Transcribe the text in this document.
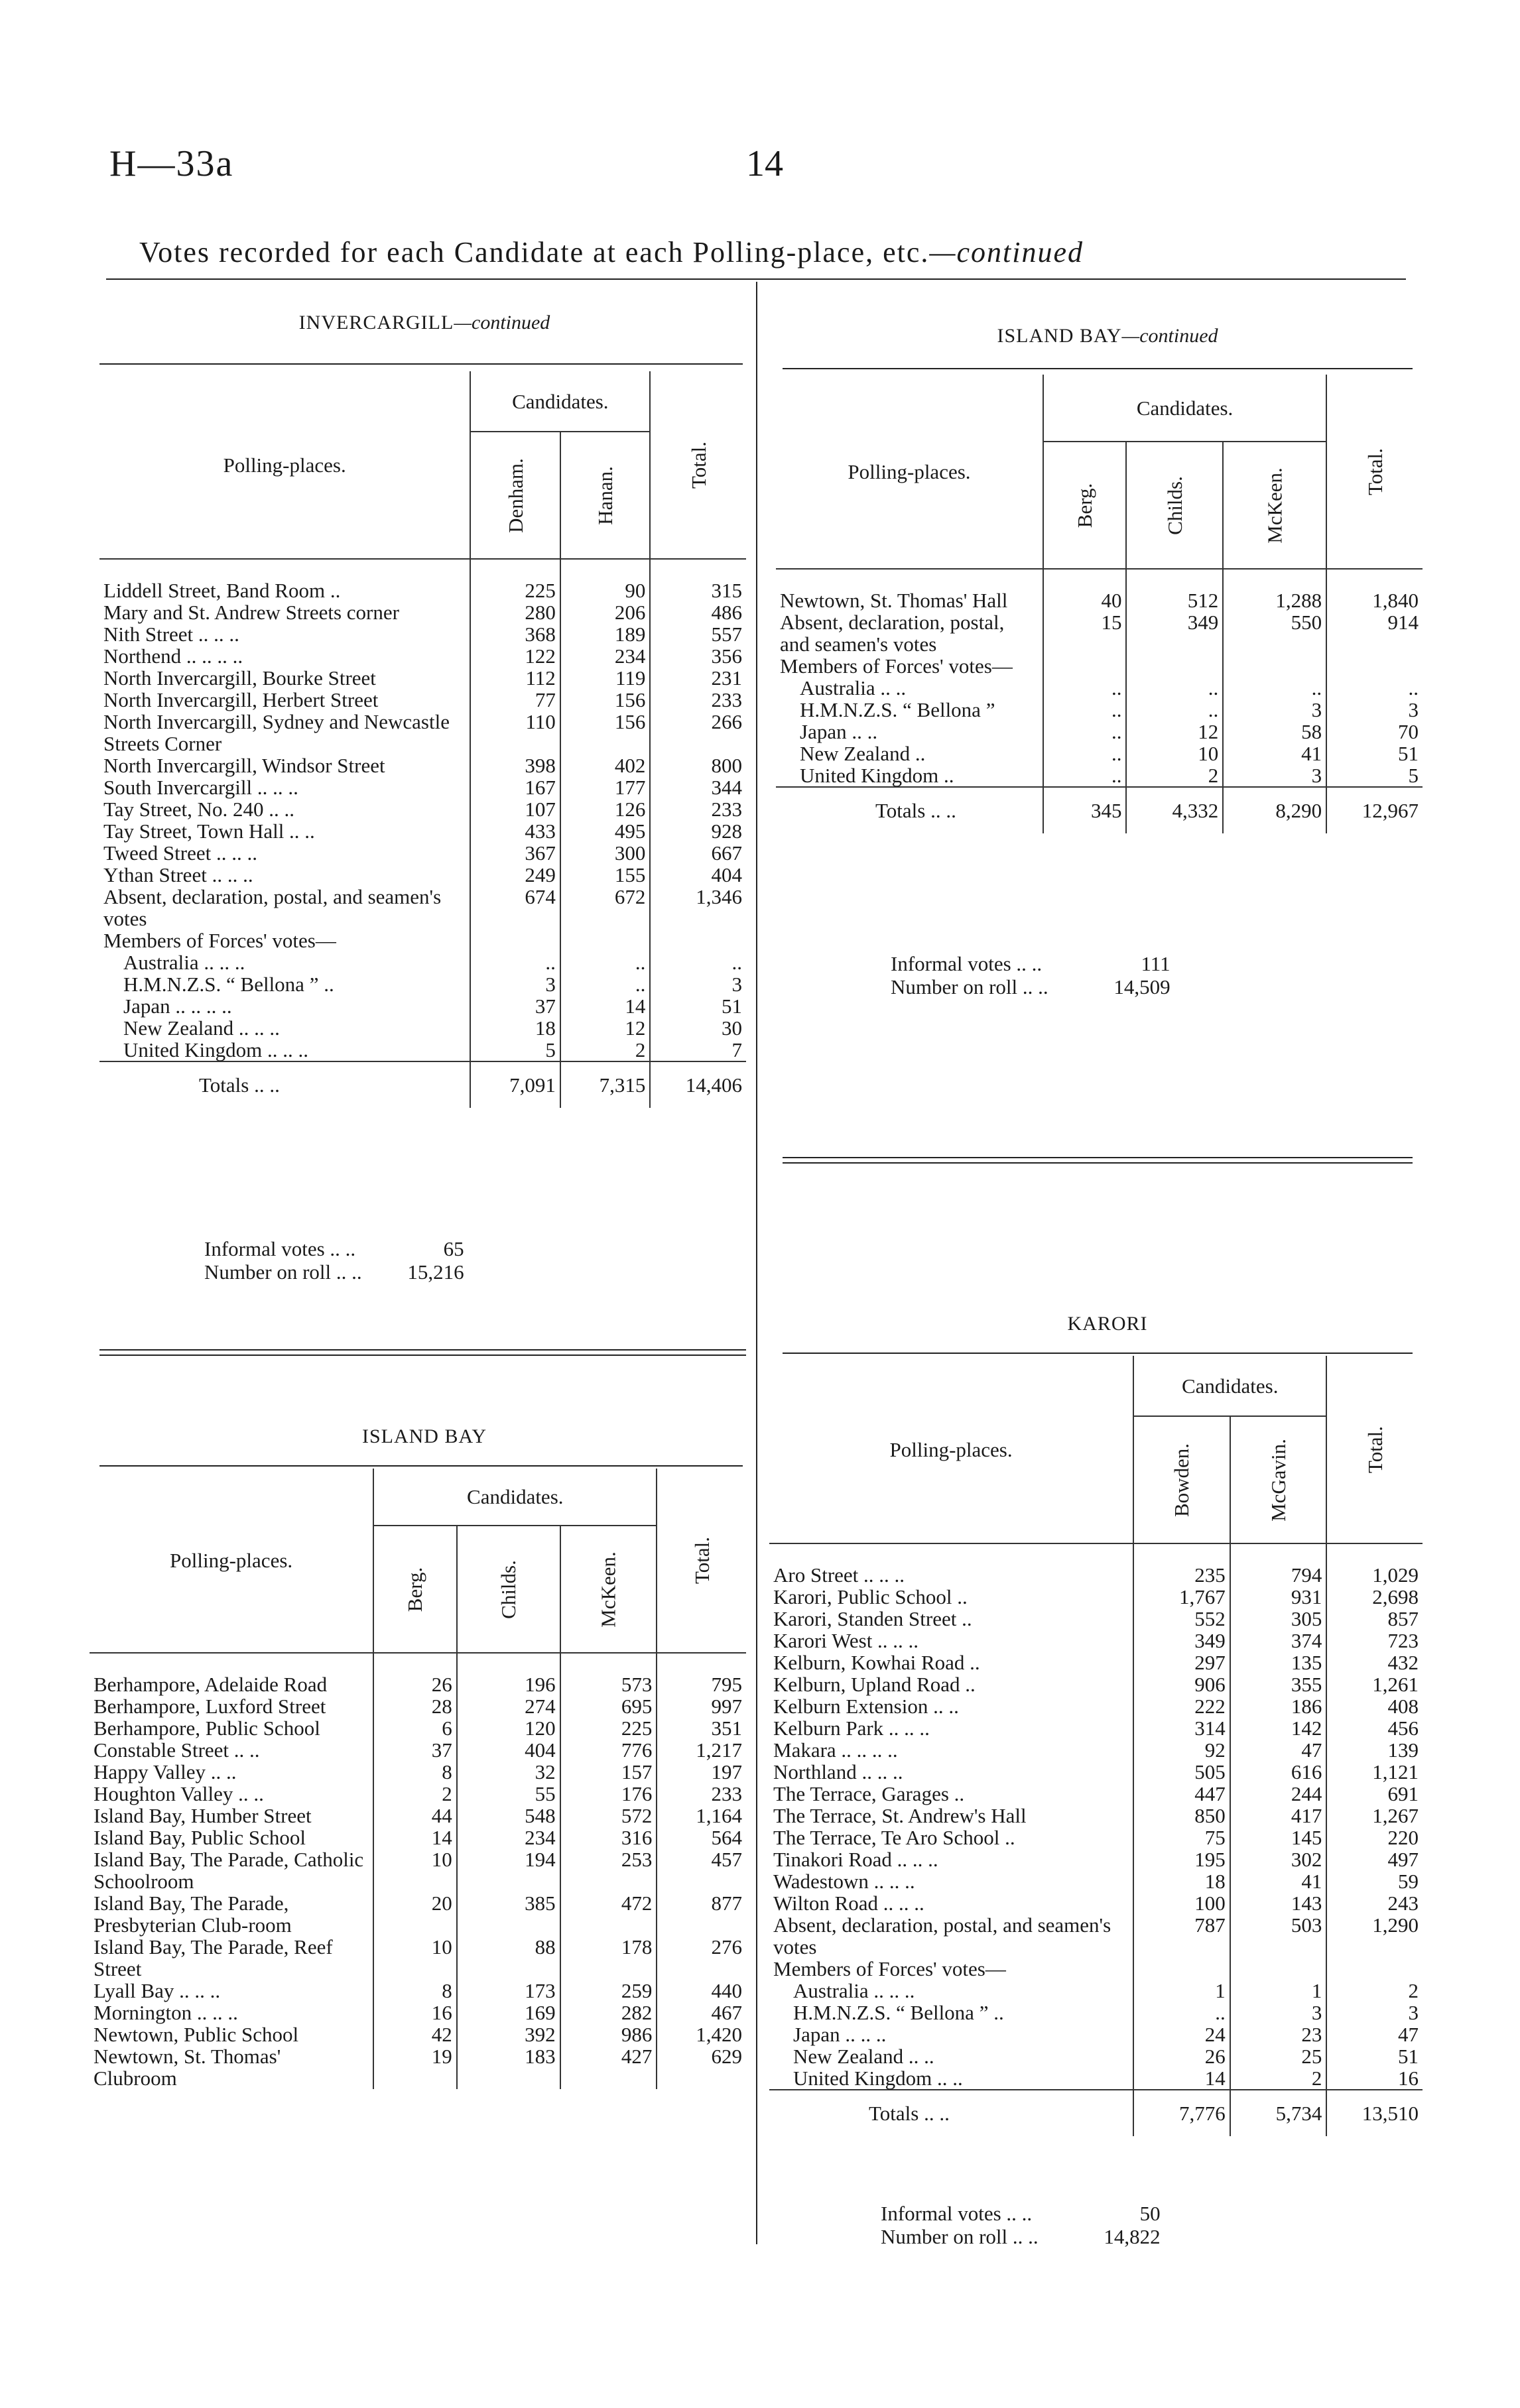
H—33a	14
Votes recorded for each Candidate at each Polling-place, etc.—continued
INVERCARGILL—continued
Polling-places.	Candidates.		Total.
	Denham.	Hanan.	
Liddell Street, Band Room ..	225	90	315
Mary and St. Andrew Streets corner	280	206	486
Nith Street .. .. ..	368	189	557
Northend .. .. .. ..	122	234	356
North Invercargill, Bourke Street	112	119	231
North Invercargill, Herbert Street	77	156	233
North Invercargill, Sydney and Newcastle Streets Corner	110	156	266
North Invercargill, Windsor Street	398	402	800
South Invercargill .. .. ..	167	177	344
Tay Street, No. 240 .. ..	107	126	233
Tay Street, Town Hall .. ..	433	495	928
Tweed Street .. .. ..	367	300	667
Ythan Street .. .. ..	249	155	404
Absent, declaration, postal, and seamen's votes	674	672	1,346
Members of Forces' votes—			
Australia .. .. ..	..	..	..
H.M.N.Z.S. “ Bellona ” ..	3	..	3
Japan .. .. .. ..	37	14	51
New Zealand .. .. ..	18	12	30
United Kingdom .. .. ..	5	2	7
Totals .. ..	7,091	7,315	14,406
Informal votes .. ..	65
Number on roll .. ..	15,216
ISLAND BAY
Polling-places.	Candidates.			Total.
	Berg.	Childs.	McKeen.	
Berhampore, Adelaide Road	26	196	573	795
Berhampore, Luxford Street	28	274	695	997
Berhampore, Public School	6	120	225	351
Constable Street .. ..	37	404	776	1,217
Happy Valley .. ..	8	32	157	197
Houghton Valley .. ..	2	55	176	233
Island Bay, Humber Street	44	548	572	1,164
Island Bay, Public School	14	234	316	564
Island Bay, The Parade, Catholic Schoolroom	10	194	253	457
Island Bay, The Parade, Presbyterian Club-room	20	385	472	877
Island Bay, The Parade, Reef Street	10	88	178	276
Lyall Bay .. .. ..	8	173	259	440
Mornington .. .. ..	16	169	282	467
Newtown, Public School	42	392	986	1,420
Newtown, St. Thomas' Clubroom	19	183	427	629
ISLAND BAY—continued
Polling-places.	Candidates.			Total.
	Berg.	Childs.	McKeen.	
Newtown, St. Thomas' Hall	40	512	1,288	1,840
Absent, declaration, postal, and seamen's votes	15	349	550	914
Members of Forces' votes—				
Australia .. ..	..	..	..	..
H.M.N.Z.S. “ Bellona ”	..	..	3	3
Japan .. ..	..	12	58	70
New Zealand ..	..	10	41	51
United Kingdom ..	..	2	3	5
Totals .. ..	345	4,332	8,290	12,967
Informal votes .. ..	111
Number on roll .. ..	14,509
KARORI
Polling-places.	Candidates.		Total.
	Bowden.	McGavin.	
Aro Street .. .. ..	235	794	1,029
Karori, Public School ..	1,767	931	2,698
Karori, Standen Street ..	552	305	857
Karori West .. .. ..	349	374	723
Kelburn, Kowhai Road ..	297	135	432
Kelburn, Upland Road ..	906	355	1,261
Kelburn Extension .. ..	222	186	408
Kelburn Park .. .. ..	314	142	456
Makara .. .. .. ..	92	47	139
Northland .. .. ..	505	616	1,121
The Terrace, Garages ..	447	244	691
The Terrace, St. Andrew's Hall	850	417	1,267
The Terrace, Te Aro School ..	75	145	220
Tinakori Road .. .. ..	195	302	497
Wadestown .. .. ..	18	41	59
Wilton Road .. .. ..	100	143	243
Absent, declaration, postal, and seamen's votes	787	503	1,290
Members of Forces' votes—			
Australia .. .. ..	1	1	2
H.M.N.Z.S. “ Bellona ” ..	..	3	3
Japan .. .. ..	24	23	47
New Zealand .. ..	26	25	51
United Kingdom .. ..	14	2	16
Totals .. ..	7,776	5,734	13,510
Informal votes .. ..	50
Number on roll .. ..	14,822
